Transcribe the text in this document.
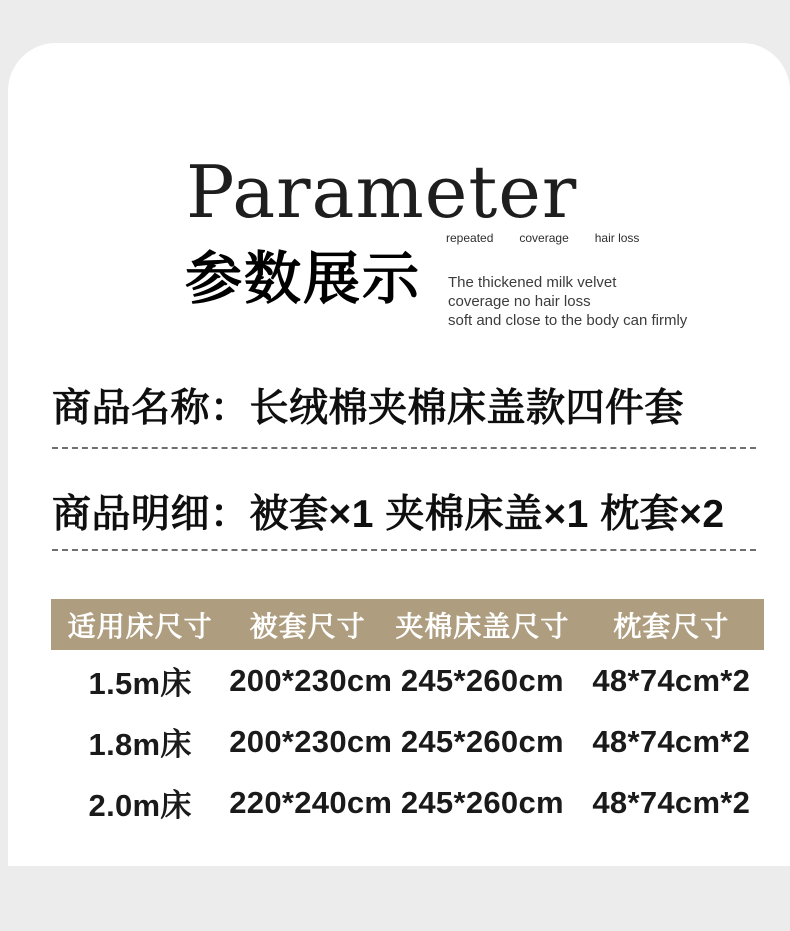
Parameter
repeated coverage hair loss
参数展示 The thickened milk velvet
coverage no hair loss
soft and close to the body can firmly
商品名称：长绒棉夹棉床盖款四件套
商品明细：被套×1 夹棉床盖×1 枕套×2
适用床尺寸	被套尺寸	夹棉床盖尺寸	枕套尺寸
1.5m床	200*230cm	245*260cm	48*74cm*2
1.8m床	200*230cm	245*260cm	48*74cm*2
2.0m床	220*240cm	245*260cm	48*74cm*2
